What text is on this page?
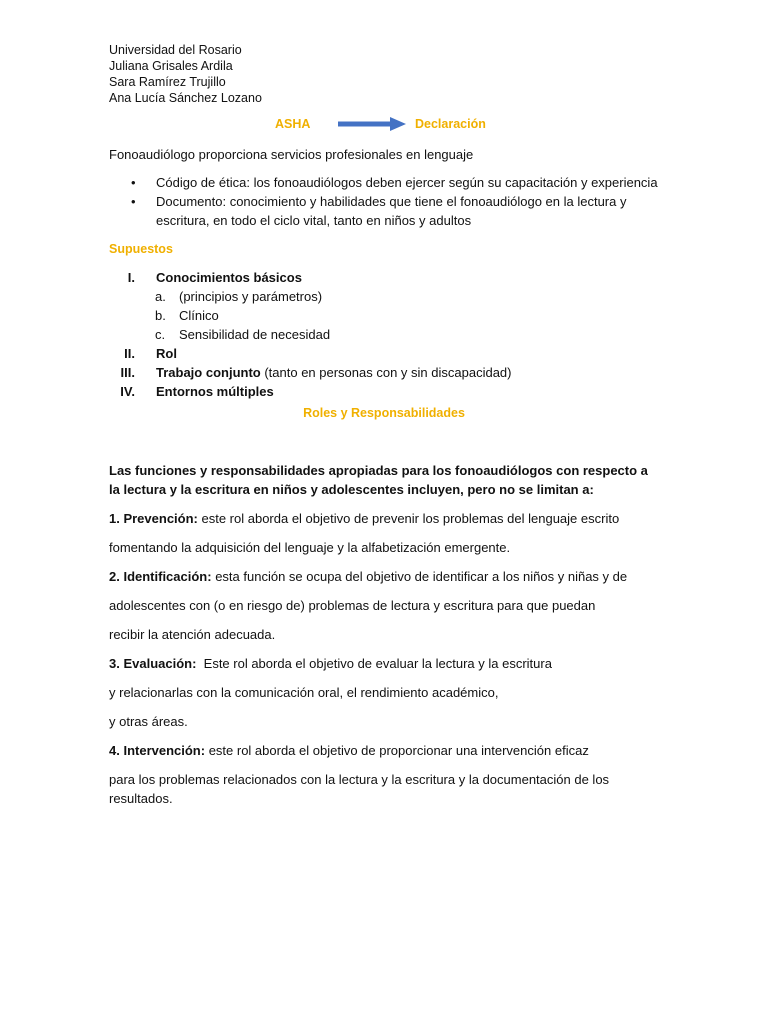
Universidad del Rosario
Juliana Grisales Ardila
Sara Ramírez Trujillo
Ana Lucía Sánchez Lozano
ASHA	Declaración
Fonoaudiólogo proporciona servicios profesionales en lenguaje
• Código de ética: los fonoaudiólogos deben ejercer según su capacitación y experiencia
• Documento: conocimiento y habilidades que tiene el fonoaudiólogo en la lectura y escritura, en todo el ciclo vital, tanto en niños y adultos
Supuestos
I. Conocimientos básicos
a. (principios y parámetros)
b. Clínico
c. Sensibilidad de necesidad
II. Rol
III. Trabajo conjunto (tanto en personas con y sin discapacidad)
IV. Entornos múltiples
Roles y Responsabilidades
Las funciones y responsabilidades apropiadas para los fonoaudiólogos con respecto a la lectura y la escritura en niños y adolescentes incluyen, pero no se limitan a:
1. Prevención: este rol aborda el objetivo de prevenir los problemas del lenguaje escrito
fomentando la adquisición del lenguaje y la alfabetización emergente.
2. Identificación: esta función se ocupa del objetivo de identificar a los niños y niñas y de
adolescentes con (o en riesgo de) problemas de lectura y escritura para que puedan
recibir la atención adecuada.
3. Evaluación:  Este rol aborda el objetivo de evaluar la lectura y la escritura
y relacionarlas con la comunicación oral, el rendimiento académico,
y otras áreas.
4. Intervención: este rol aborda el objetivo de proporcionar una intervención eficaz
para los problemas relacionados con la lectura y la escritura y la documentación de los resultados.
